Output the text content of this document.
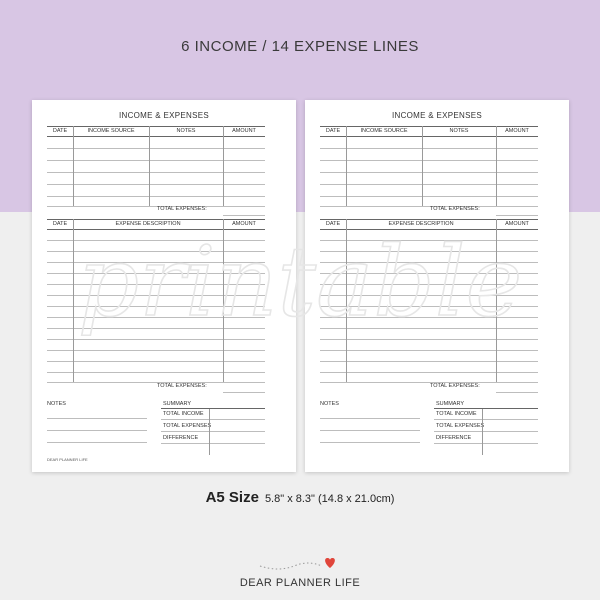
6 INCOME / 14 EXPENSE LINES
INCOME & EXPENSES
DATE	INCOME SOURCE	NOTES	AMOUNT
TOTAL EXPENSES:
DATE	EXPENSE DESCRIPTION	AMOUNT
TOTAL EXPENSES:
NOTES	SUMMARY
TOTAL INCOME
TOTAL EXPENSES
DIFFERENCE
DEAR PLANNER LIFE
INCOME & EXPENSES
DATE	INCOME SOURCE	NOTES	AMOUNT
TOTAL EXPENSES:
DATE	EXPENSE DESCRIPTION	AMOUNT
TOTAL EXPENSES:
NOTES	SUMMARY
TOTAL INCOME
TOTAL EXPENSES
DIFFERENCE
printable
A5 Size 5.8" x 8.3" (14.8 x 21.0cm)
DEAR PLANNER LIFE
